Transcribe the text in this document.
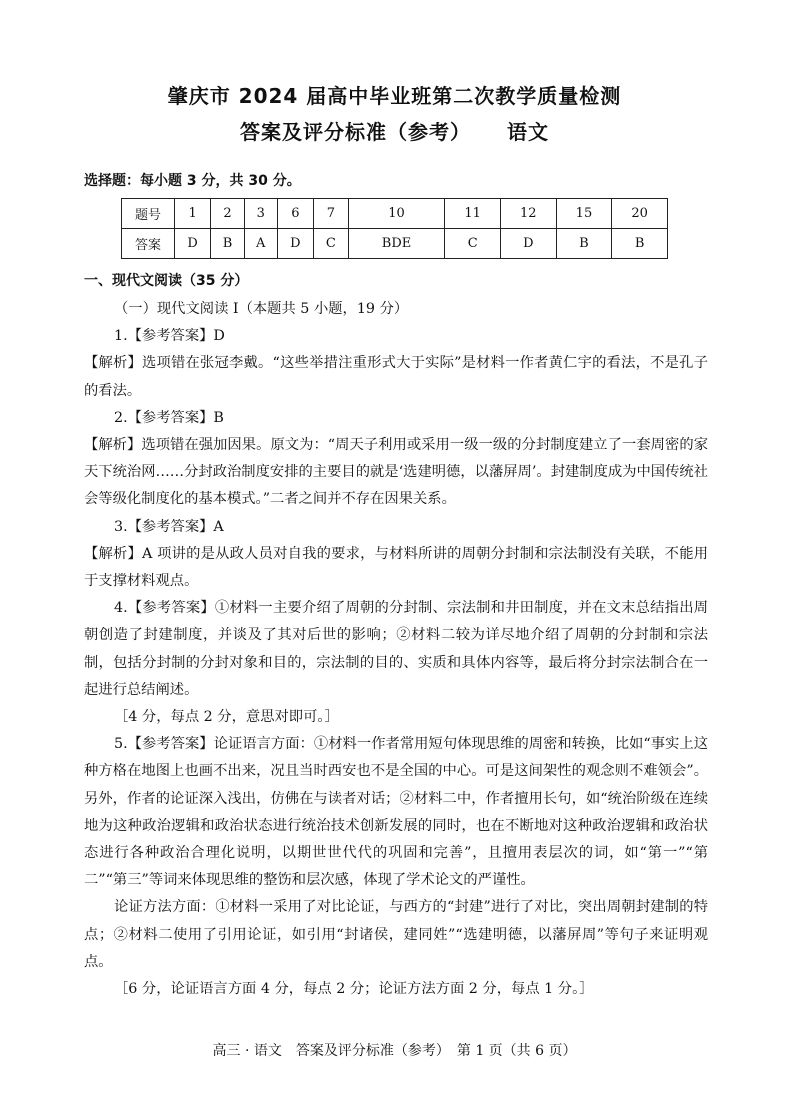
肇庆市 2024 届高中毕业班第二次教学质量检测
答案及评分标准（参考） 语文
选择题：每小题 3 分，共 30 分。
题号	1	2	3	6	7	10	11	12	15	20
答案	D	B	A	D	C	BDE	C	D	B	B
一、现代文阅读（35 分）

（一）现代文阅读 I（本题共 5 小题，19 分）

1.【参考答案】D

【解析】选项错在张冠李戴。“这些举措注重形式大于实际”是材料一作者黄仁宇的看法，不是孔子的看法。

2.【参考答案】B

【解析】选项错在强加因果。原文为：“周天子利用或采用一级一级的分封制度建立了一套周密的家天下统治网……分封政治制度安排的主要目的就是‘选建明德，以藩屏周’。封建制度成为中国传统社会等级化制度化的基本模式。”二者之间并不存在因果关系。

3.【参考答案】A

【解析】A 项讲的是从政人员对自我的要求，与材料所讲的周朝分封制和宗法制没有关联，不能用于支撑材料观点。

4.【参考答案】①材料一主要介绍了周朝的分封制、宗法制和井田制度，并在文末总结指出周朝创造了封建制度，并谈及了其对后世的影响；②材料二较为详尽地介绍了周朝的分封制和宗法制，包括分封制的分封对象和目的，宗法制的目的、实质和具体内容等，最后将分封宗法制合在一起进行总结阐述。

［4 分，每点 2 分，意思对即可。］

5.【参考答案】论证语言方面：①材料一作者常用短句体现思维的周密和转换，比如“事实上这种方格在地图上也画不出来，况且当时西安也不是全国的中心。可是这间架性的观念则不难领会”。另外，作者的论证深入浅出，仿佛在与读者对话；②材料二中，作者擅用长句，如“统治阶级在连续地为这种政治逻辑和政治状态进行统治技术创新发展的同时，也在不断地对这种政治逻辑和政治状态进行各种政治合理化说明，以期世世代代的巩固和完善”，且擅用表层次的词，如“第一”“第二”“第三”等词来体现思维的整饬和层次感，体现了学术论文的严谨性。

论证方法方面：①材料一采用了对比论证，与西方的“封建”进行了对比，突出周朝封建制的特点；②材料二使用了引用论证，如引用“封诸侯，建同姓”“选建明德，以藩屏周”等句子来证明观点。

［6 分，论证语言方面 4 分，每点 2 分；论证方法方面 2 分，每点 1 分。］

高三 · 语文　答案及评分标准（参考）　第 1 页（共 6 页）
